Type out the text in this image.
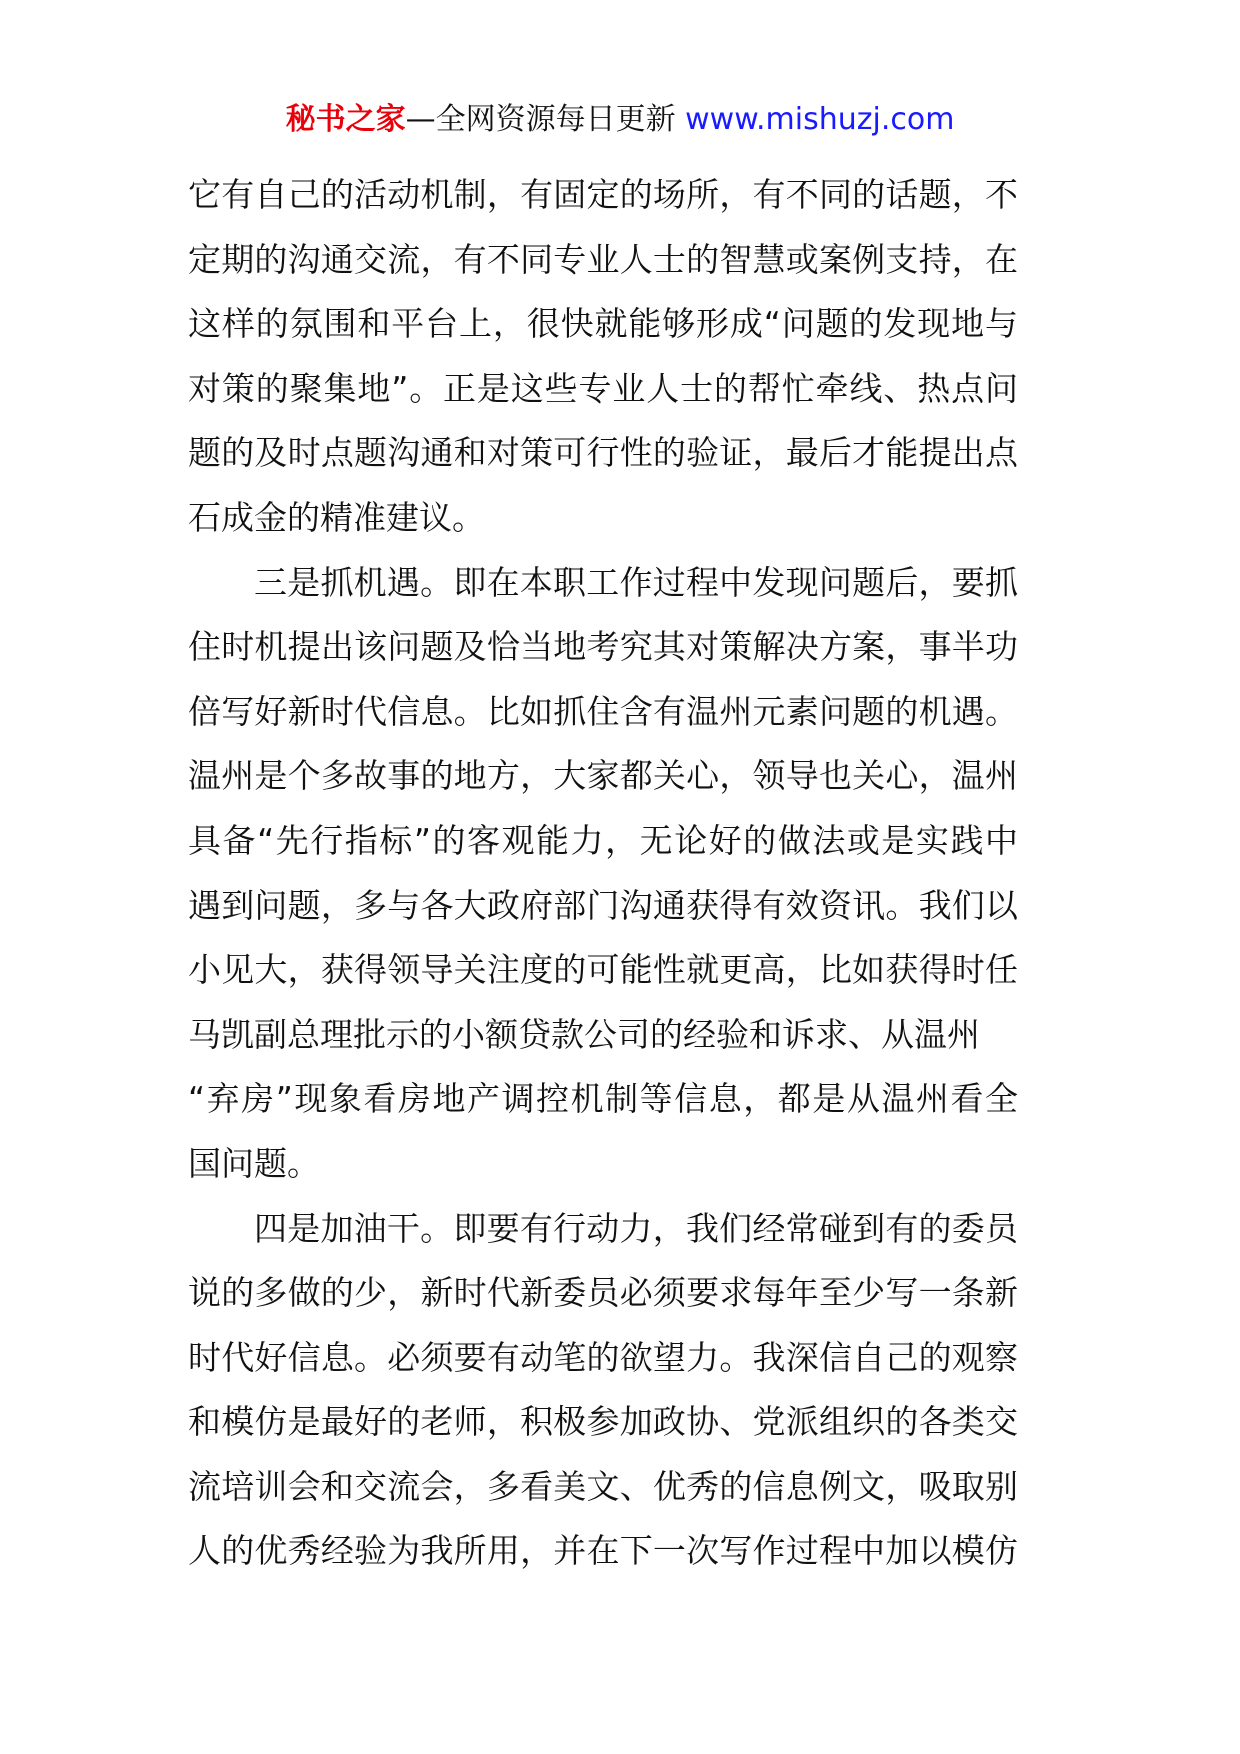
秘书之家—全网资源每日更新 www.mishuzj.com
它有自己的活动机制，有固定的场所，有不同的话题，不
定期的沟通交流，有不同专业人士的智慧或案例支持，在
这样的氛围和平台上，很快就能够形成“问题的发现地与
对策的聚集地”。正是这些专业人士的帮忙牵线、热点问
题的及时点题沟通和对策可行性的验证，最后才能提出点
石成金的精准建议。
三是抓机遇。即在本职工作过程中发现问题后，要抓
住时机提出该问题及恰当地考究其对策解决方案，事半功
倍写好新时代信息。比如抓住含有温州元素问题的机遇。
温州是个多故事的地方，大家都关心，领导也关心，温州
具备“先行指标”的客观能力，无论好的做法或是实践中
遇到问题，多与各大政府部门沟通获得有效资讯。我们以
小见大，获得领导关注度的可能性就更高，比如获得时任
马凯副总理批示的小额贷款公司的经验和诉求、从温州
“弃房”现象看房地产调控机制等信息，都是从温州看全
国问题。
四是加油干。即要有行动力，我们经常碰到有的委员
说的多做的少，新时代新委员必须要求每年至少写一条新
时代好信息。必须要有动笔的欲望力。我深信自己的观察
和模仿是最好的老师，积极参加政协、党派组织的各类交
流培训会和交流会，多看美文、优秀的信息例文，吸取别
人的优秀经验为我所用，并在下一次写作过程中加以模仿
